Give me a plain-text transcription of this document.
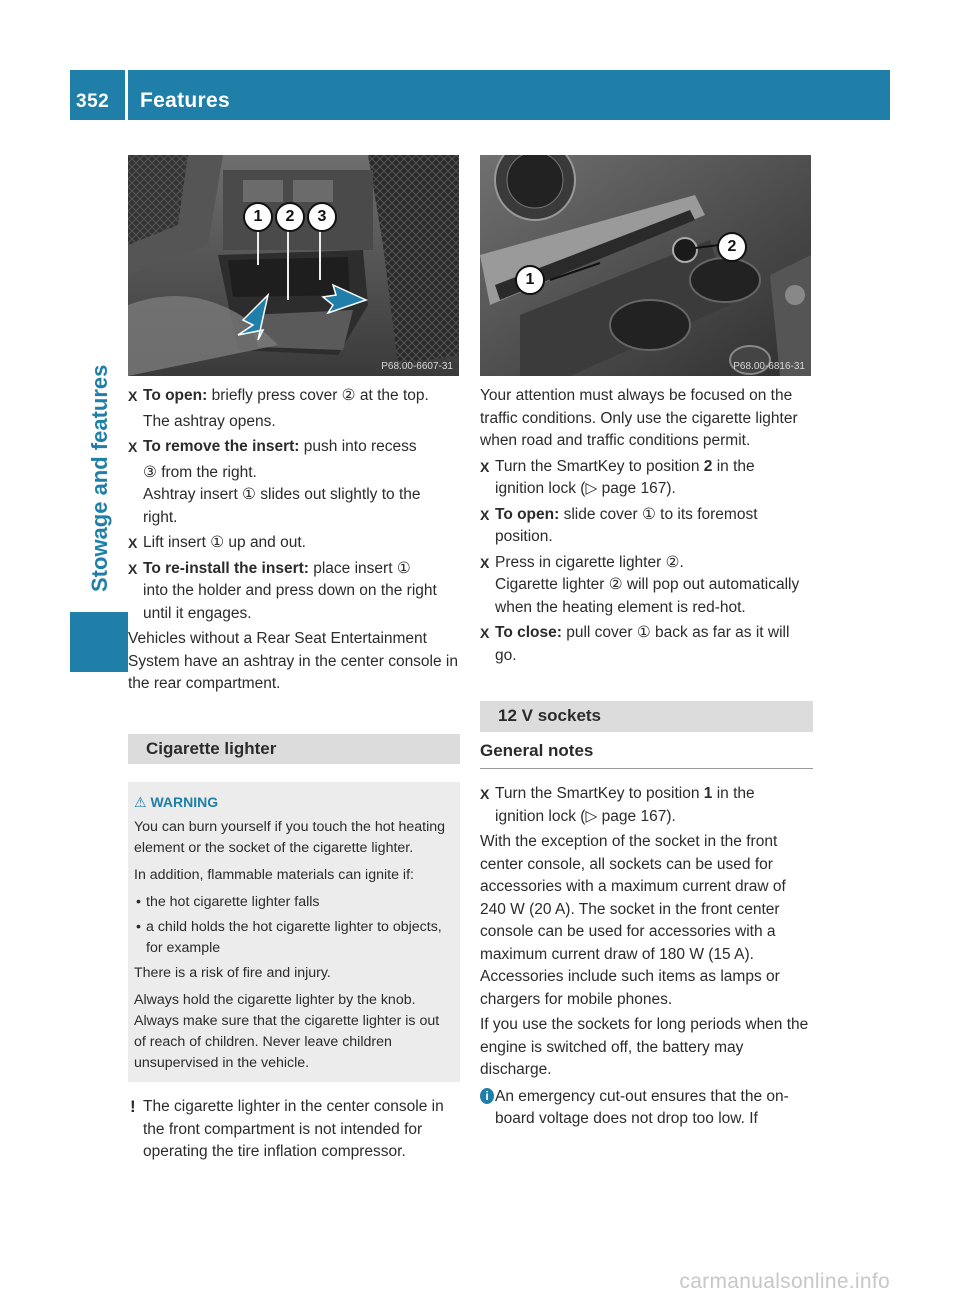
352 Features
Stowage and features
1	2	3
P68.00-6607-31
1
2
P68.00-6816-31
X To open: briefly press cover ② at the top.
The ashtray opens.
X To remove the insert: push into recess
③ from the right.
Ashtray insert ① slides out slightly to the
right.
X Lift insert ① up and out.
X To re-install the insert: place insert ①
into the holder and press down on the right until it engages.

Vehicles without a Rear Seat Entertainment System have an ashtray in the center console in the rear compartment.

Cigarette lighter
⚠ WARNING

You can burn yourself if you touch the hot heating element or the socket of the cigarette lighter.

In addition, flammable materials can ignite if:

• the hot cigarette lighter falls
• a child holds the hot cigarette lighter to objects, for example

There is a risk of fire and injury.

Always hold the cigarette lighter by the knob. Always make sure that the cigarette lighter is out of reach of children. Never leave children unsupervised in the vehicle.

! The cigarette lighter in the center console in the front compartment is not intended for operating the tire inflation compressor.

Your attention must always be focused on the traffic conditions. Only use the cigarette lighter when road and traffic conditions permit.

X Turn the SmartKey to position 2 in the
ignition lock (▷ page 167).
X To open: slide cover ① to its foremost
position.
X Press in cigarette lighter ②.
Cigarette lighter ② will pop out automatically when the heating element is red-hot.
X To close: pull cover ① back as far as it will
go.
12 V sockets
General notes
X Turn the SmartKey to position 1 in the
ignition lock (▷ page 167).

With the exception of the socket in the front center console, all sockets can be used for accessories with a maximum current draw of 240 W (20 A). The socket in the front center console can be used for accessories with a maximum current draw of 180 W (15 A). Accessories include such items as lamps or chargers for mobile phones.

If you use the sockets for long periods when the engine is switched off, the battery may discharge.

i An emergency cut-out ensures that the on-board voltage does not drop too low. If
carmanualsonline.info
